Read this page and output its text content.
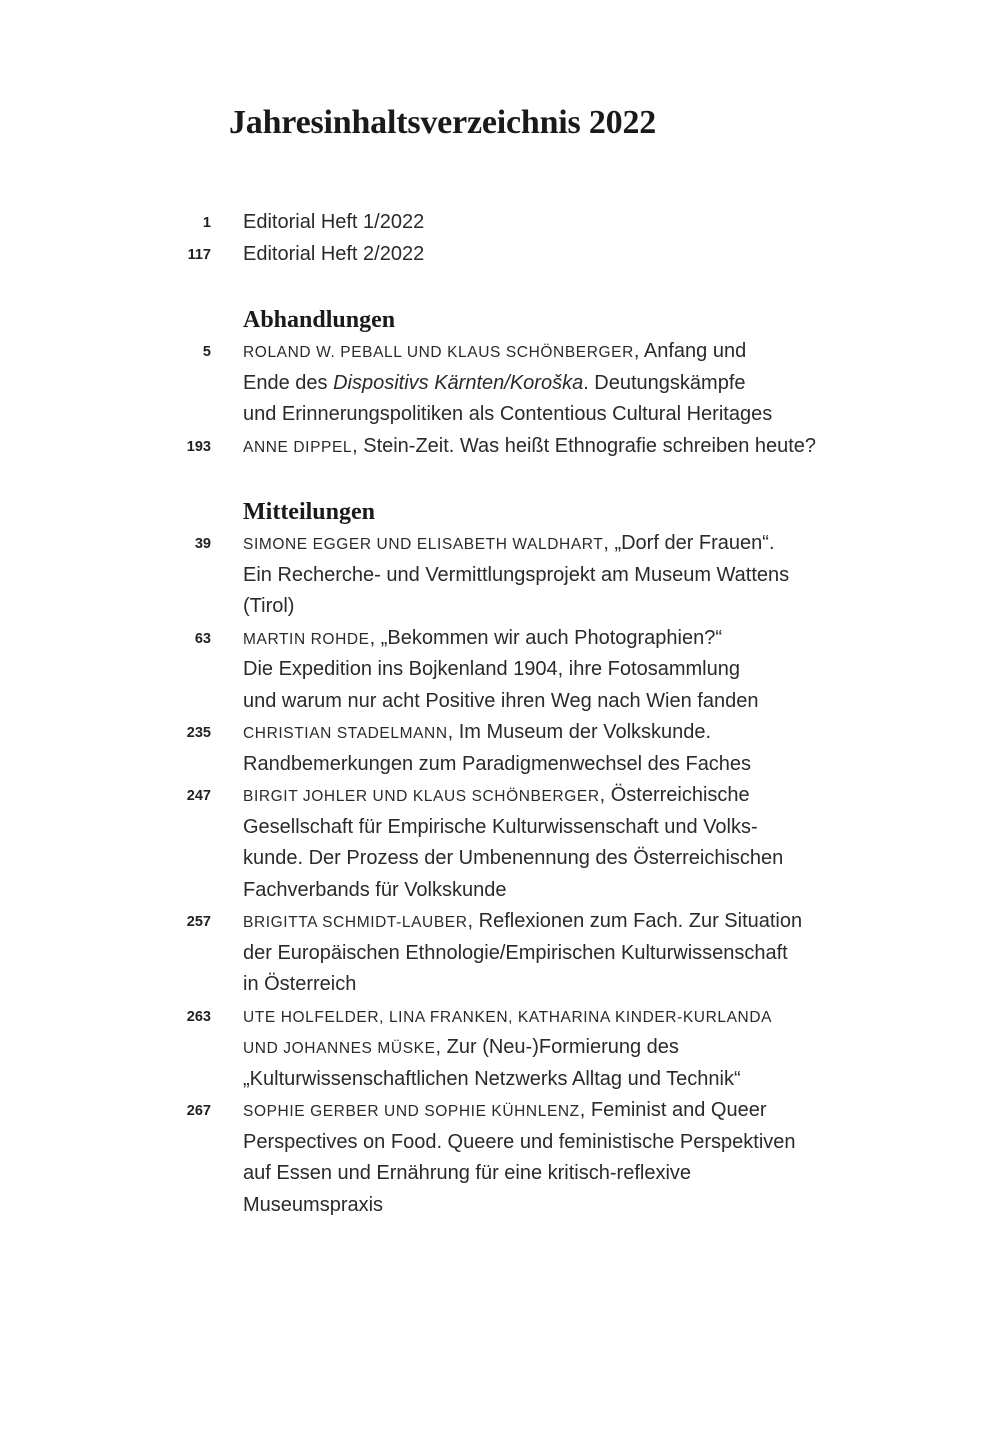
Jahresinhaltsverzeichnis 2022
1 Editorial Heft 1/2022
117 Editorial Heft 2/2022
Abhandlungen
5 ROLAND W. PEBALL UND KLAUS SCHÖNBERGER, Anfang und
Ende des Dispositivs Kärnten/Koroška. Deutungskämpfe
und Erinnerungspolitiken als Contentious Cultural Heritages
193 ANNE DIPPEL, Stein-Zeit. Was heißt Ethnografie schreiben heute?
Mitteilungen
39 SIMONE EGGER UND ELISABETH WALDHART, „Dorf der Frauen“.
Ein Recherche- und Vermittlungsprojekt am Museum Wattens
(Tirol)
63 MARTIN ROHDE, „Bekommen wir auch Photographien?“
Die Expedition ins Bojkenland 1904, ihre Fotosammlung
und warum nur acht Positive ihren Weg nach Wien fanden
235 CHRISTIAN STADELMANN, Im Museum der Volkskunde.
Randbemerkungen zum Paradigmenwechsel des Faches
247 BIRGIT JOHLER UND KLAUS SCHÖNBERGER, Österreichische
Gesellschaft für Empirische Kulturwissenschaft und Volks-
kunde. Der Prozess der Umbenennung des Österreichischen
Fachverbands für Volkskunde
257 BRIGITTA SCHMIDT-LAUBER, Reflexionen zum Fach. Zur Situation
der Europäischen Ethnologie/Empirischen Kulturwissenschaft
in Österreich
263 UTE HOLFELDER, LINA FRANKEN, KATHARINA KINDER-KURLANDA
UND JOHANNES MÜSKE, Zur (Neu-)Formierung des
„Kulturwissenschaftlichen Netzwerks Alltag und Technik“
267 SOPHIE GERBER UND SOPHIE KÜHNLENZ, Feminist and Queer
Perspectives on Food. Queere und feministische Perspektiven
auf Essen und Ernährung für eine kritisch-reflexive
Museumspraxis
